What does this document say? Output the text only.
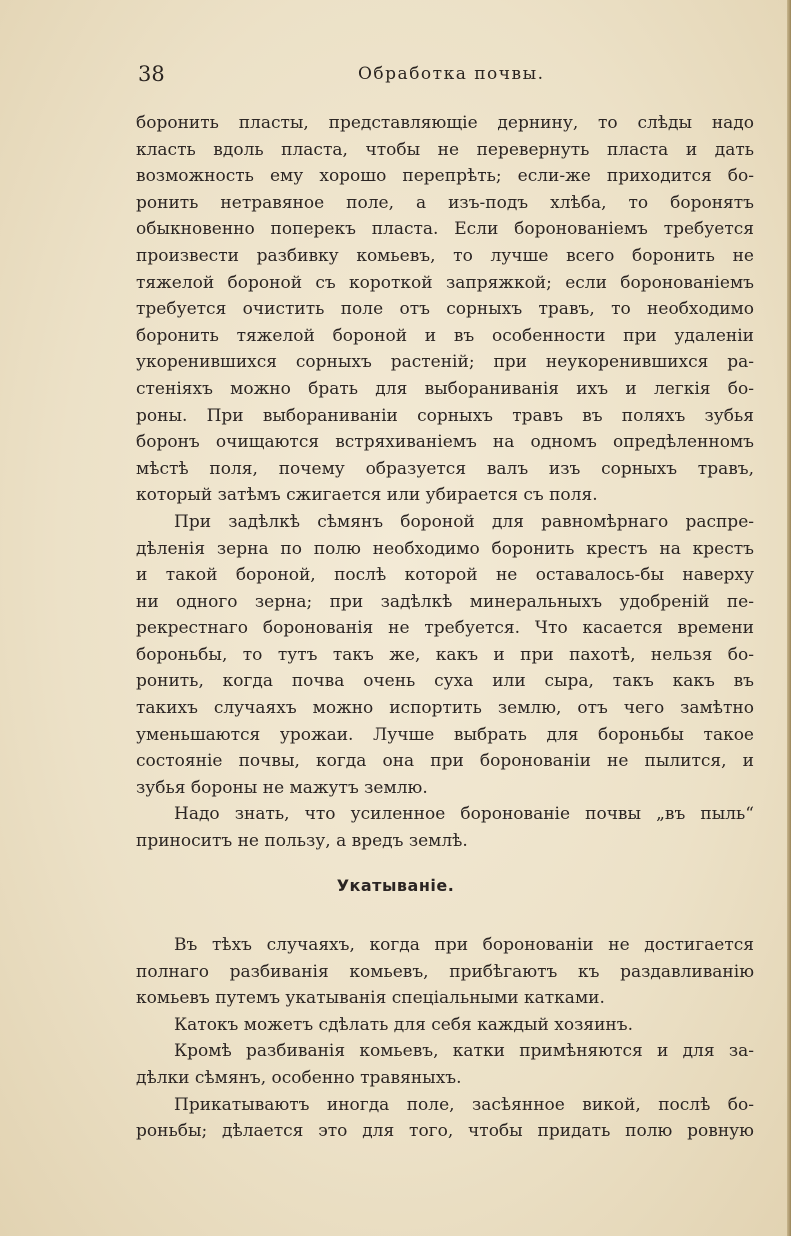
38	Обработка почвы.
боронить пласты, представляющіе дернину, то слѣды надо
класть вдоль пласта, чтобы не перевернуть пласта и дать
возможность ему хорошо перепрѣть; если-же приходится бо-
ронить нетравяное поле, а изъ-подъ хлѣба, то боронятъ
обыкновенно поперекъ пласта. Если боронованіемъ требуется
произвести разбивку комьевъ, то лучше всего боронить не
тяжелой бороной съ короткой запряжкой; если боронованіемъ
требуется очистить поле отъ сорныхъ травъ, то необходимо
боронить тяжелой бороной и въ особенности при удаленіи
укоренившихся сорныхъ растеній; при неукоренившихся ра-
стеніяхъ можно брать для выбораниванія ихъ и легкія бо-
роны. При выбораниваніи сорныхъ травъ въ поляхъ зубья
боронъ очищаются встряхиваніемъ на одномъ опредѣленномъ
мѣстѣ поля, почему образуется валъ изъ сорныхъ травъ,
который затѣмъ сжигается или убирается съ поля.
При задѣлкѣ сѣмянъ бороной для равномѣрнаго распре-
дѣленія зерна по полю необходимо боронить крестъ на крестъ
и такой бороной, послѣ которой не оставалось-бы наверху
ни одного зерна; при задѣлкѣ минеральныхъ удобреній пе-
рекрестнаго боронованія не требуется. Что касается времени
бороньбы, то тутъ такъ же, какъ и при пахотѣ, нельзя бо-
ронить, когда почва очень суха или сыра, такъ какъ въ
такихъ случаяхъ можно испортить землю, отъ чего замѣтно
уменьшаются урожаи. Лучше выбрать для бороньбы такое
состояніе почвы, когда она при боронованіи не пылится, и
зубья бороны не мажутъ землю.
Надо знать, что усиленное боронованіе почвы „въ пыль“
приноситъ не пользу, а вредъ землѣ.
Укатываніе.
Въ тѣхъ случаяхъ, когда при боронованіи не достигается
полнаго разбиванія комьевъ, прибѣгаютъ къ раздавливанію
комьевъ путемъ укатыванія спеціальными катками.
Катокъ можетъ сдѣлать для себя каждый хозяинъ.
Кромѣ разбиванія комьевъ, катки примѣняются и для за-
дѣлки сѣмянъ, особенно травяныхъ.
Прикатываютъ иногда поле, засѣянное викой, послѣ бо-
роньбы; дѣлается это для того, чтобы придать полю ровную
